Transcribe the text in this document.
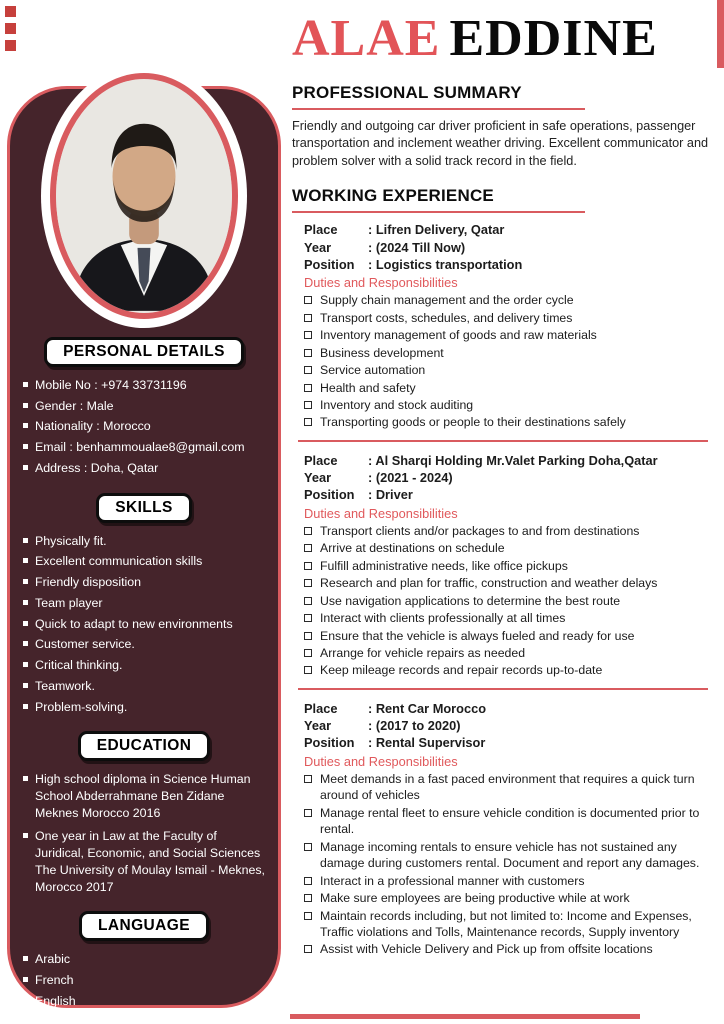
PERSONAL DETAILS
Mobile No : +974 33731196
Gender : Male
Nationality : Morocco
Email : benhammoualae8@gmail.com
Address : Doha, Qatar
SKILLS
Physically fit.
Excellent communication skills
Friendly disposition
Team player
Quick to adapt to new environments
Customer service.
Critical thinking.
Teamwork.
Problem-solving.
EDUCATION
High school diploma in Science Human School Abderrahmane Ben Zidane Meknes Morocco 2016
One year in Law at the Faculty of Juridical, Economic, and Social Sciences The University of Moulay Ismail - Meknes, Morocco 2017
LANGUAGE
Arabic
French
English
ALAE EDDINE
PROFESSIONAL SUMMARY

Friendly and outgoing car driver proficient in safe operations, passenger transportation and inclement weather driving. Excellent communicator and problem solver with a solid track record in the field.

WORKING EXPERIENCE
Place	: Lifren Delivery, Qatar
Year	: (2024 Till Now)
Position	: Logistics transportation
Duties and Responsibilities
Supply chain management and the order cycle
Transport costs, schedules, and delivery times
Inventory management of goods and raw materials
Business development
Service automation
Health and safety
Inventory and stock auditing
Transporting goods or people to their destinations safely
Place	: Al Sharqi Holding Mr.Valet Parking Doha,Qatar
Year	: (2021 - 2024)
Position	: Driver
Duties and Responsibilities
Transport clients and/or packages to and from destinations
Arrive at destinations on schedule
Fulfill administrative needs, like office pickups
Research and plan for traffic, construction and weather delays
Use navigation applications to determine the best route
Interact with clients professionally at all times
Ensure that the vehicle is always fueled and ready for use
Arrange for vehicle repairs as needed
Keep mileage records and repair records up-to-date
Place	: Rent Car Morocco
Year	: (2017 to 2020)
Position	: Rental Supervisor
Duties and Responsibilities
Meet demands in a fast paced environment that requires a quick turn around of vehicles
Manage rental fleet to ensure vehicle condition is documented prior to rental.
Manage incoming rentals to ensure vehicle has not sustained any damage during customers rental. Document and report any damages.
Interact in a professional manner with customers
Make sure employees are being productive while at work
Maintain records including, but not limited to: Income and Expenses, Traffic violations and Tolls, Maintenance records, Supply inventory
Assist with Vehicle Delivery and Pick up from offsite locations
